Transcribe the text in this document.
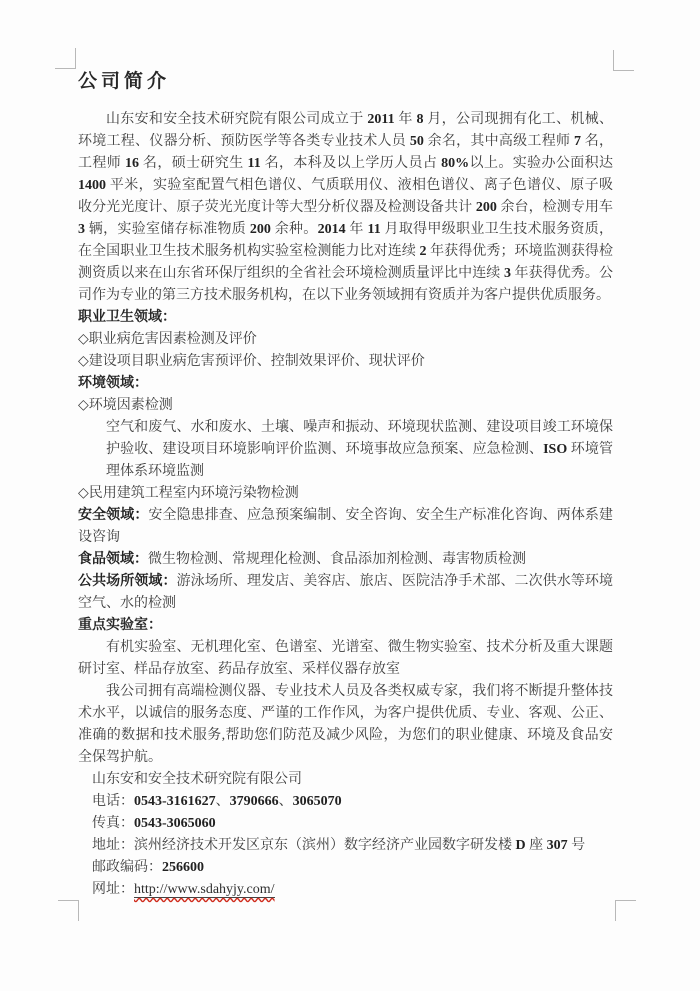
公司简介

山东安和安全技术研究院有限公司成立于 2011 年 8 月，公司现拥有化工、机械、环境工程、仪器分析、预防医学等各类专业技术人员 50 余名，其中高级工程师 7 名，工程师 16 名，硕士研究生 11 名，本科及以上学历人员占 80%以上。实验办公面积达 1400 平米，实验室配置气相色谱仪、气质联用仪、液相色谱仪、离子色谱仪、原子吸收分光光度计、原子荧光光度计等大型分析仪器及检测设备共计 200 余台，检测专用车 3 辆，实验室储存标准物质 200 余种。2014 年 11 月取得甲级职业卫生技术服务资质，在全国职业卫生技术服务机构实验室检测能力比对连续 2 年获得优秀；环境监测获得检测资质以来在山东省环保厅组织的全省社会环境检测质量评比中连续 3 年获得优秀。公司作为专业的第三方技术服务机构，在以下业务领域拥有资质并为客户提供优质服务。

职业卫生领域：

◇职业病危害因素检测及评价

◇建设项目职业病危害预评价、控制效果评价、现状评价

环境领域：

◇环境因素检测

空气和废气、水和废水、土壤、噪声和振动、环境现状监测、建设项目竣工环境保护验收、建设项目环境影响评价监测、环境事故应急预案、应急检测、ISO 环境管理体系环境监测

◇民用建筑工程室内环境污染物检测

安全领域：安全隐患排查、应急预案编制、安全咨询、安全生产标准化咨询、两体系建设咨询

食品领域：微生物检测、常规理化检测、食品添加剂检测、毒害物质检测

公共场所领域：游泳场所、理发店、美容店、旅店、医院洁净手术部、二次供水等环境空气、水的检测

重点实验室：

有机实验室、无机理化室、色谱室、光谱室、微生物实验室、技术分析及重大课题研讨室、样品存放室、药品存放室、采样仪器存放室

我公司拥有高端检测仪器、专业技术人员及各类权威专家，我们将不断提升整体技术水平，以诚信的服务态度、严谨的工作作风，为客户提供优质、专业、客观、公正、准确的数据和技术服务,帮助您们防范及减少风险，为您们的职业健康、环境及食品安全保驾护航。

山东安和安全技术研究院有限公司

电话：0543-3161627、3790666、3065070

传真：0543-3065060

地址：滨州经济技术开发区京东（滨州）数字经济产业园数字研发楼 D 座 307 号

邮政编码：256600

网址：http://www.sdahyjy.com/
